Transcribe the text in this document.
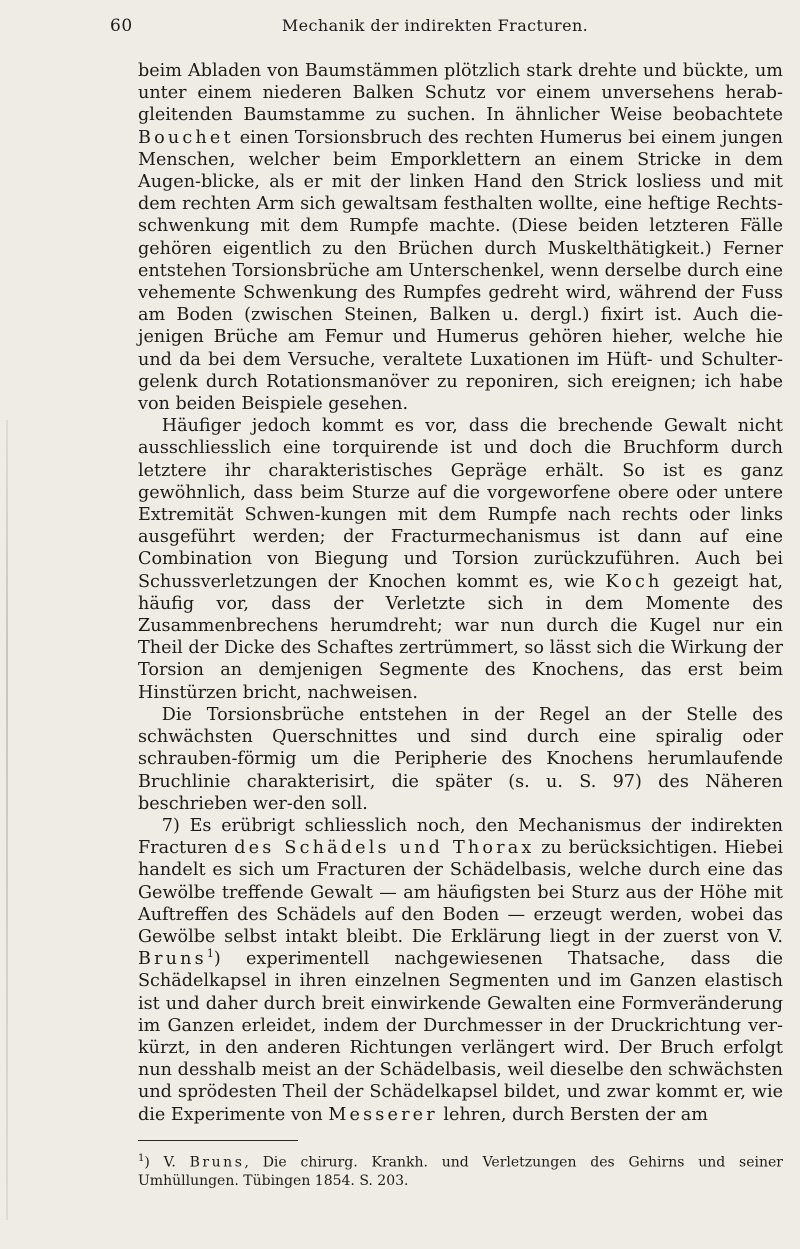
60	Mechanik der indirekten Fracturen.

beim Abladen von Baumstämmen plötzlich stark drehte und bückte, um unter einem niederen Balken Schutz vor einem unversehens herab-gleitenden Baumstamme zu suchen. In ähnlicher Weise beobachtete Bouchet einen Torsionsbruch des rechten Humerus bei einem jungen Menschen, welcher beim Emporklettern an einem Stricke in dem Augen-blicke, als er mit der linken Hand den Strick losliess und mit dem rechten Arm sich gewaltsam festhalten wollte, eine heftige Rechts-schwenkung mit dem Rumpfe machte. (Diese beiden letzteren Fälle gehören eigentlich zu den Brüchen durch Muskelthätigkeit.) Ferner entstehen Torsionsbrüche am Unterschenkel, wenn derselbe durch eine vehemente Schwenkung des Rumpfes gedreht wird, während der Fuss am Boden (zwischen Steinen, Balken u. dergl.) fixirt ist. Auch die-jenigen Brüche am Femur und Humerus gehören hieher, welche hie und da bei dem Versuche, veraltete Luxationen im Hüft- und Schulter-gelenk durch Rotationsmanöver zu reponiren, sich ereignen; ich habe von beiden Beispiele gesehen.

Häufiger jedoch kommt es vor, dass die brechende Gewalt nicht ausschliesslich eine torquirende ist und doch die Bruchform durch letztere ihr charakteristisches Gepräge erhält. So ist es ganz gewöhnlich, dass beim Sturze auf die vorgeworfene obere oder untere Extremität Schwen-kungen mit dem Rumpfe nach rechts oder links ausgeführt werden; der Fracturmechanismus ist dann auf eine Combination von Biegung und Torsion zurückzuführen. Auch bei Schussverletzungen der Knochen kommt es, wie Koch gezeigt hat, häufig vor, dass der Verletzte sich in dem Momente des Zusammenbrechens herumdreht; war nun durch die Kugel nur ein Theil der Dicke des Schaftes zertrümmert, so lässt sich die Wirkung der Torsion an demjenigen Segmente des Knochens, das erst beim Hinstürzen bricht, nachweisen.

Die Torsionsbrüche entstehen in der Regel an der Stelle des schwächsten Querschnittes und sind durch eine spiralig oder schrauben-förmig um die Peripherie des Knochens herumlaufende Bruchlinie charakterisirt, die später (s. u. S. 97) des Näheren beschrieben wer-den soll.

7) Es erübrigt schliesslich noch, den Mechanismus der indirekten Fracturen des Schädels und Thorax zu berücksichtigen. Hiebei handelt es sich um Fracturen der Schädelbasis, welche durch eine das Gewölbe treffende Gewalt — am häufigsten bei Sturz aus der Höhe mit Auftreffen des Schädels auf den Boden — erzeugt werden, wobei das Gewölbe selbst intakt bleibt. Die Erklärung liegt in der zuerst von V. Bruns$^1$) experimentell nachgewiesenen Thatsache, dass die Schädelkapsel in ihren einzelnen Segmenten und im Ganzen elastisch ist und daher durch breit einwirkende Gewalten eine Formveränderung im Ganzen erleidet, indem der Durchmesser in der Druckrichtung ver-kürzt, in den anderen Richtungen verlängert wird. Der Bruch erfolgt nun desshalb meist an der Schädelbasis, weil dieselbe den schwächsten und sprödesten Theil der Schädelkapsel bildet, und zwar kommt er, wie die Experimente von Messerer lehren, durch Bersten der am

$^1$) V. Bruns, Die chirurg. Krankh. und Verletzungen des Gehirns und seiner Umhüllungen. Tübingen 1854. S. 203.
